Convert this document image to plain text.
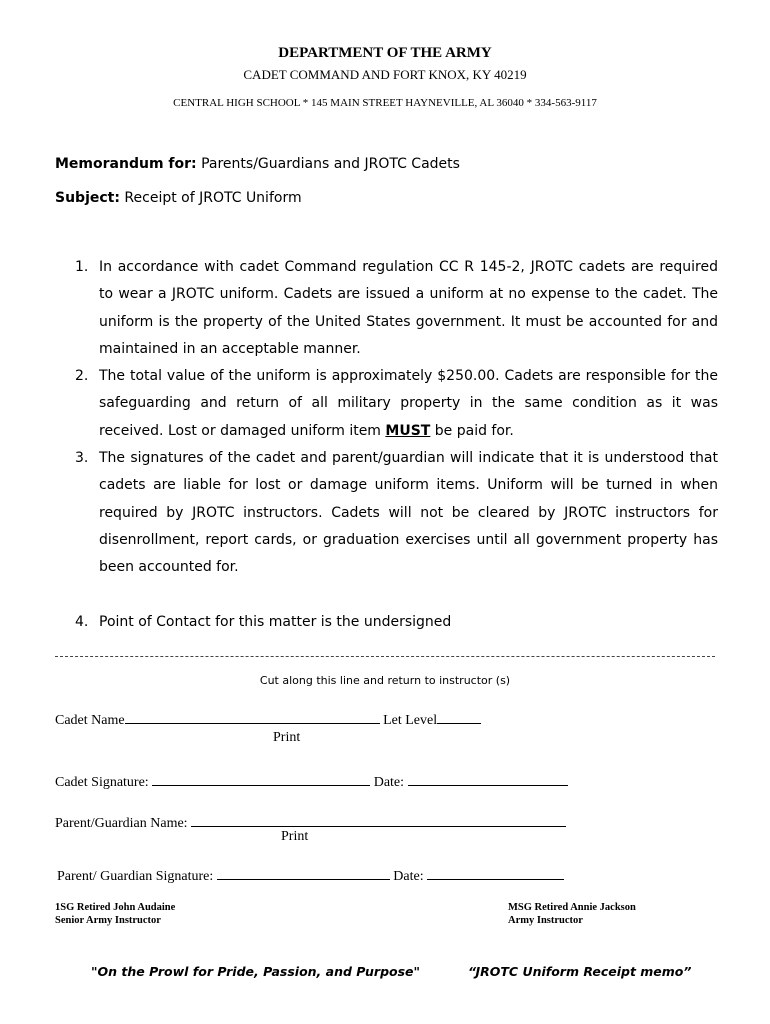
DEPARTMENT OF THE ARMY
CADET COMMAND AND FORT KNOX, KY 40219
CENTRAL HIGH SCHOOL * 145 MAIN STREET HAYNEVILLE, AL 36040 * 334-563-9117
Memorandum for: Parents/Guardians and JROTC Cadets
Subject: Receipt of JROTC Uniform
1. In accordance with cadet Command regulation CC R 145-2, JROTC cadets are required to wear a JROTC uniform. Cadets are issued a uniform at no expense to the cadet. The uniform is the property of the United States government. It must be accounted for and maintained in an acceptable manner.
2. The total value of the uniform is approximately $250.00. Cadets are responsible for the safeguarding and return of all military property in the same condition as it was received. Lost or damaged uniform item MUST be paid for.
3. The signatures of the cadet and parent/guardian will indicate that it is understood that cadets are liable for lost or damage uniform items. Uniform will be turned in when required by JROTC instructors. Cadets will not be cleared by JROTC instructors for disenrollment, report cards, or graduation exercises until all government property has been accounted for.
4. Point of Contact for this matter is the undersigned
Cut along this line and return to instructor (s)
Cadet Name	Let Level
Print
Cadet Signature:	Date:
Parent/Guardian Name:
Print
Parent/ Guardian Signature:	Date:
1SG Retired John Audaine
Senior Army Instructor
MSG Retired Annie Jackson
Army Instructor
"On the Prowl for Pride, Passion, and Purpose"	“JROTC Uniform Receipt memo”
